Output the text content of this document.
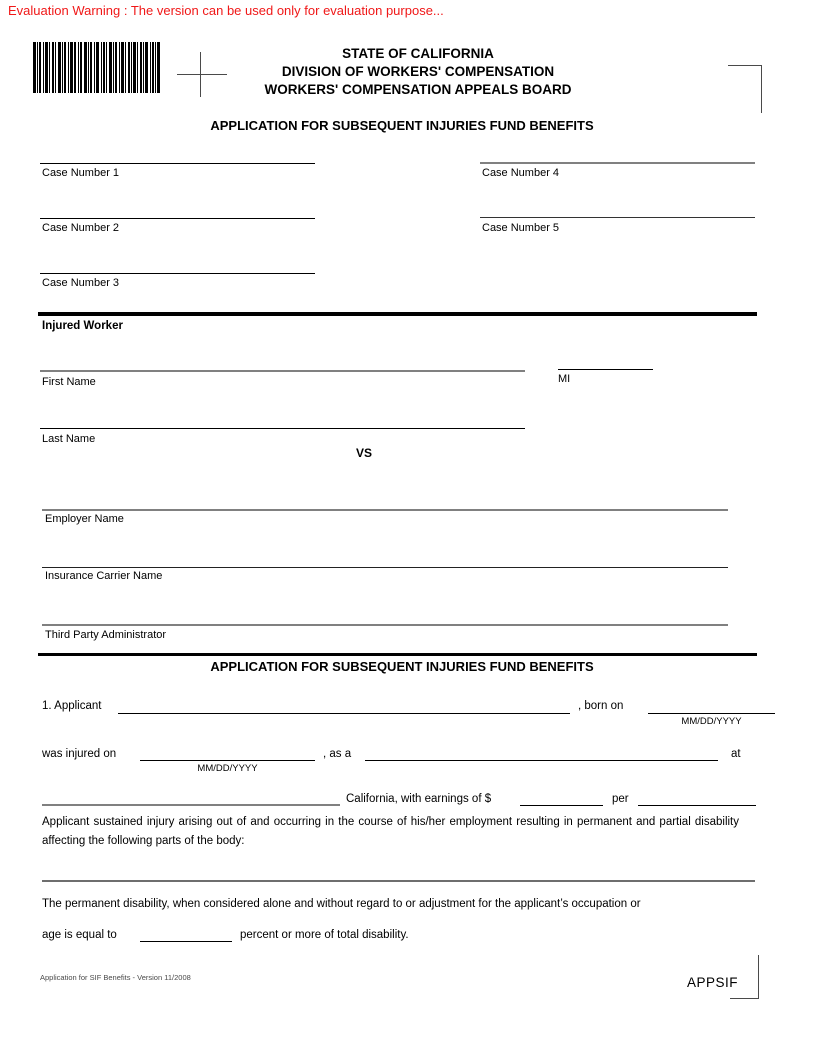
Evaluation Warning : The version can be used only for evaluation purpose...
STATE OF CALIFORNIA
DIVISION OF WORKERS' COMPENSATION
WORKERS' COMPENSATION APPEALS BOARD
APPLICATION FOR SUBSEQUENT INJURIES FUND BENEFITS
Case Number 1	Case Number 4
Case Number 2	Case Number 5
Case Number 3
Injured Worker
First Name	MI
Last Name
VS
Employer Name
Insurance Carrier Name
Third Party Administrator
APPLICATION FOR SUBSEQUENT INJURIES FUND BENEFITS
1. Applicant	, born on
MM/DD/YYYY
was injured on
MM/DD/YYYY
, as a	at
California, with earnings of $	per
Applicant sustained injury arising out of and occurring in the course of his/her employment resulting in permanent and partial disability affecting the following parts of the body:
The permanent disability, when considered alone and without regard to or adjustment for the applicant’s occupation or
age is equal to	percent or more of total disability.
Application for SIF Benefits - Version 11/2008	APPSIF
